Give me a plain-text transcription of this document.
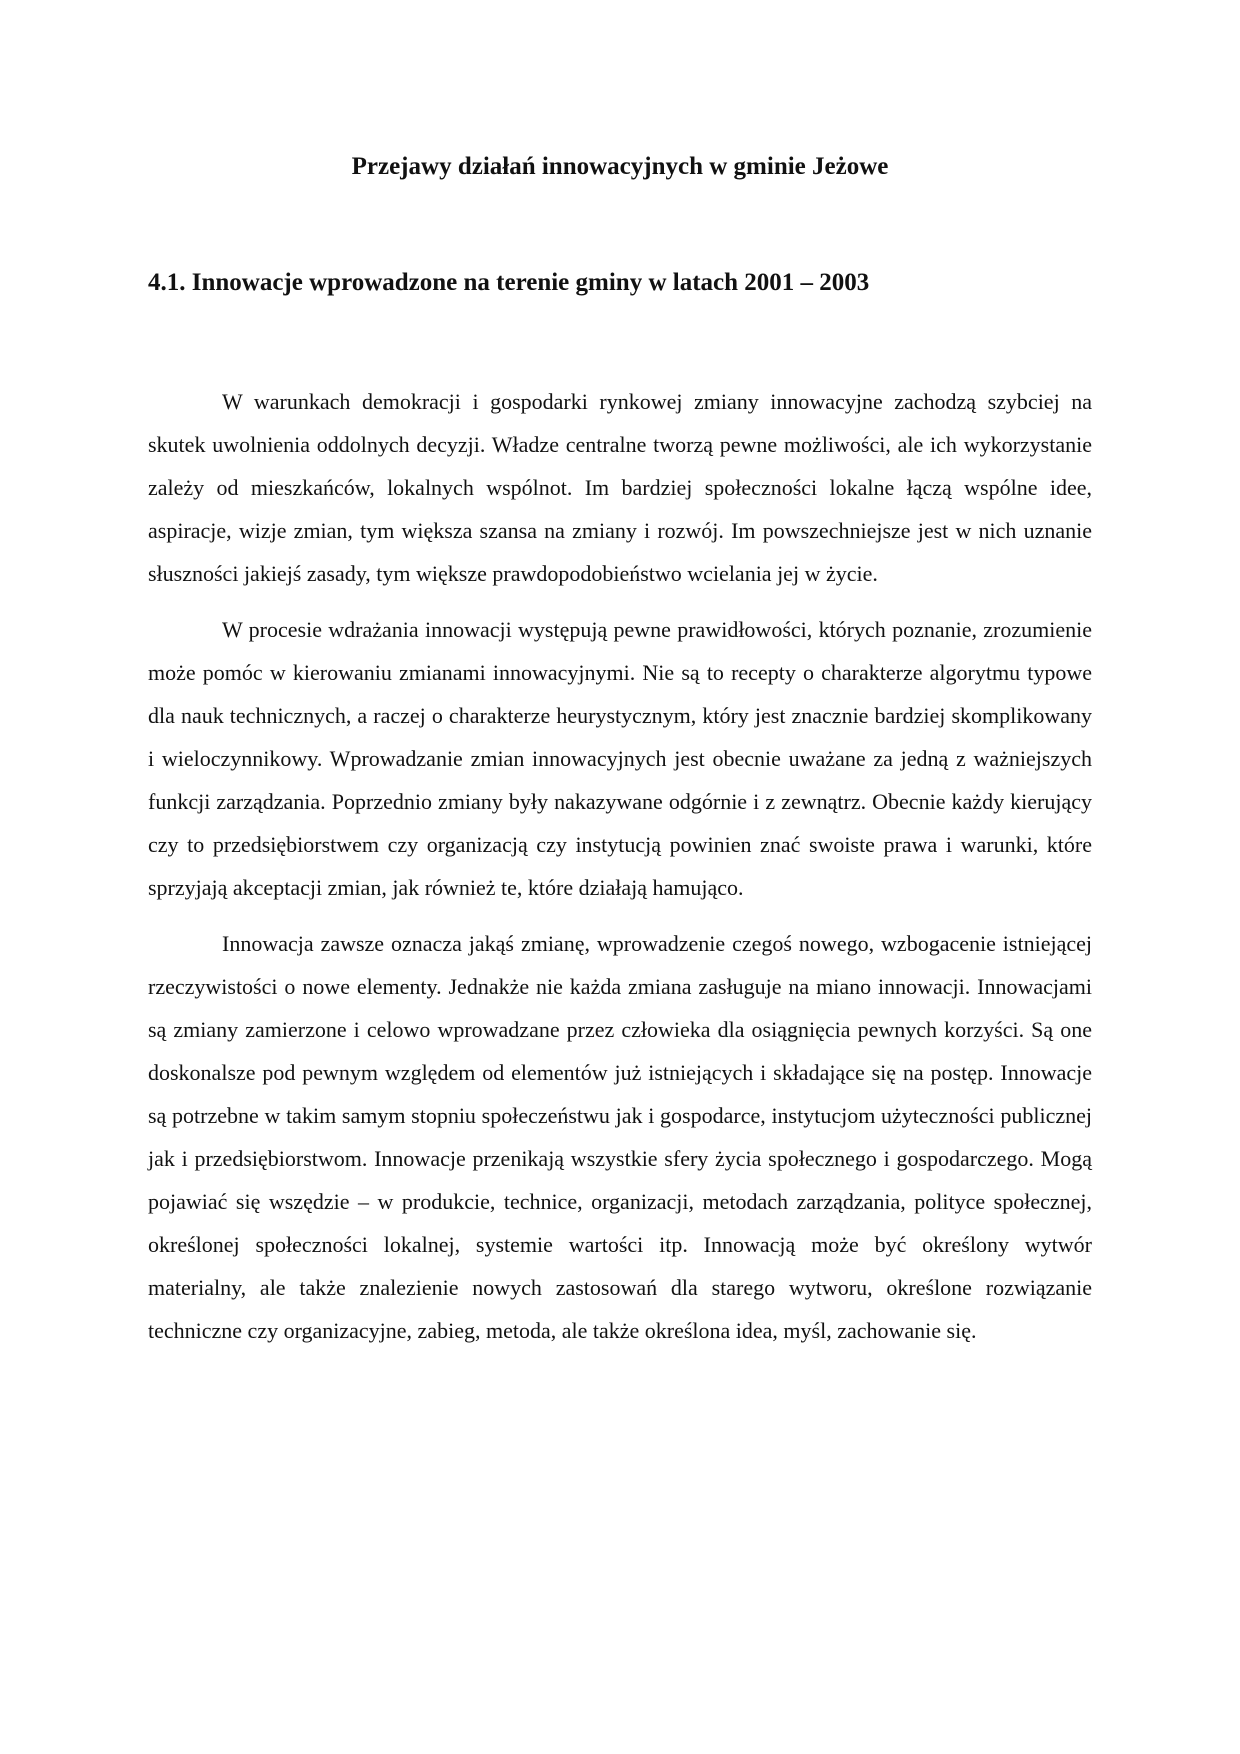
Przejawy działań innowacyjnych w gminie Jeżowe
4.1. Innowacje wprowadzone na terenie gminy w latach 2001 – 2003

W warunkach demokracji i gospodarki rynkowej zmiany innowacyjne zachodzą szybciej na skutek uwolnienia oddolnych decyzji. Władze centralne tworzą pewne możliwości, ale ich wykorzystanie zależy od mieszkańców, lokalnych wspólnot. Im bardziej społeczności lokalne łączą wspólne idee, aspiracje, wizje zmian, tym większa szansa na zmiany i rozwój. Im powszechniejsze jest w nich uznanie słuszności jakiejś zasady, tym większe prawdopodobieństwo wcielania jej w życie.

W procesie wdrażania innowacji występują pewne prawidłowości, których poznanie, zrozumienie może pomóc w kierowaniu zmianami innowacyjnymi. Nie są to recepty o charakterze algorytmu typowe dla nauk technicznych, a raczej o charakterze heurystycznym, który jest znacznie bardziej skomplikowany i wieloczynnikowy. Wprowadzanie zmian innowacyjnych jest obecnie uważane za jedną z ważniejszych funkcji zarządzania. Poprzednio zmiany były nakazywane odgórnie i z zewnątrz. Obecnie każdy kierujący czy to przedsiębiorstwem czy organizacją czy instytucją powinien znać swoiste prawa i warunki, które sprzyjają akceptacji zmian, jak również te, które działają hamująco.

Innowacja zawsze oznacza jakąś zmianę, wprowadzenie czegoś nowego, wzbogacenie istniejącej rzeczywistości o nowe elementy. Jednakże nie każda zmiana zasługuje na miano innowacji. Innowacjami są zmiany zamierzone i celowo wprowadzane przez człowieka dla osiągnięcia pewnych korzyści. Są one doskonalsze pod pewnym względem od elementów już istniejących i składające się na postęp. Innowacje są potrzebne w takim samym stopniu społeczeństwu jak i gospodarce, instytucjom użyteczności publicznej jak i przedsiębiorstwom. Innowacje przenikają wszystkie sfery życia społecznego i gospodarczego. Mogą pojawiać się wszędzie – w produkcie, technice, organizacji, metodach zarządzania, polityce społecznej, określonej społeczności lokalnej, systemie wartości itp. Innowacją może być określony wytwór materialny, ale także znalezienie nowych zastosowań dla starego wytworu, określone rozwiązanie techniczne czy organizacyjne, zabieg, metoda, ale także określona idea, myśl, zachowanie się.
